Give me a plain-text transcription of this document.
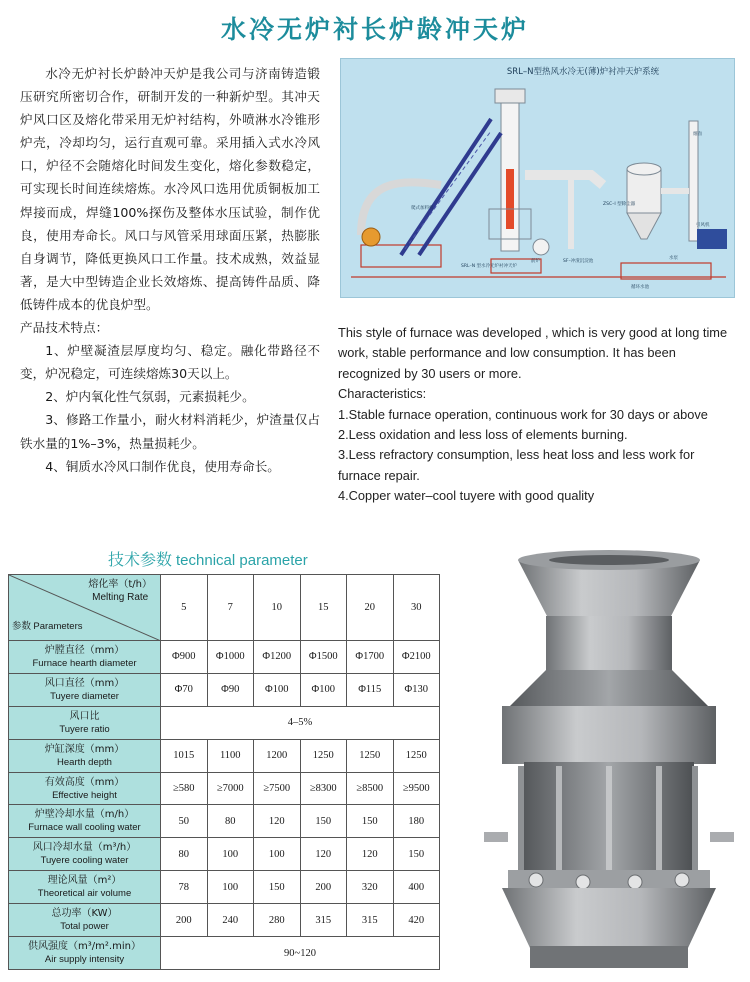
水冷无炉衬长炉龄冲天炉

水冷无炉衬长炉龄冲天炉是我公司与济南铸造锻压研究所密切合作，研制开发的一种新炉型。其冲天炉风口区及熔化带采用无炉衬结构，外喷淋水冷锥形炉壳，冷却均匀，运行直观可靠。采用插入式水冷风口，炉径不会随熔化时间发生变化，熔化参数稳定，可实现长时间连续熔炼。水冷风口选用优质铜板加工焊接而成，焊缝100%探伤及整体水压试验，制作优良，使用寿命长。风口与风管采用球面压紧，热膨胀自身调节，降低更换风口工作量。技术成熟，效益显著，是大中型铸造企业长效熔炼、提高铸件品质、降低铸件成本的优良炉型。

产品技术特点：

1、炉壁凝渣层厚度均匀、稳定。融化带路径不变，炉况稳定，可连续熔炼30天以上。

2、炉内氧化性气氛弱，元素损耗少。

3、修路工作量小，耐火材料消耗少，炉渣量仅占铁水量的1%–3%，热量损耗少。

4、铜质水冷风口制作优良，使用寿命长。

SRL–N型热风水冷无(薄)炉衬冲天炉系统
烟囱
引风机
SRL–N 型水冷无炉衬冲天炉
爬式加料机
ZSC–I 型除尘器
前炉
水泵
循环水池
SF–冲渣沉淀池

This style of furnace was developed , which is very good at long time work, stable performance and low consumption. It has been recognized by 30 users or more.

Characteristics:

1.Stable furnace operation, continuous work for 30 days or above

2.Less oxidation and less loss of elements burning.

3.Less refractory consumption, less heat loss and less work for furnace repair.

4.Copper water–cool tuyere with good quality

技术参数 technical parameter
熔化率（t/h）
Melting Rate
参数 Parameters	5	7	10	15	20	30

炉膛直径（mm）
Furnace hearth diameter	Φ900	Φ1000	Φ1200	Φ1500	Φ1700	Φ2100

风口直径（mm）
Tuyere diameter	Φ70	Φ90	Φ100	Φ100	Φ115	Φ130

风口比
Tuyere ratio	4–5%					

炉缸深度（mm）
Hearth depth	1015	1100	1200	1250	1250	1250

有效高度（mm）
Effective height	≥580	≥7000	≥7500	≥8300	≥8500	≥9500

炉壁冷却水量（m/h）
Furnace wall cooling water	50	80	120	150	150	180

风口冷却水量（m³/h）
Tuyere cooling water	80	100	100	120	120	150

理论风量（m²）
Theoretical air volume	78	100	150	200	320	400

总功率（KW）
Total power	200	240	280	315	315	420

供风强度（m³/m².min）
Air supply intensity	90~120					
